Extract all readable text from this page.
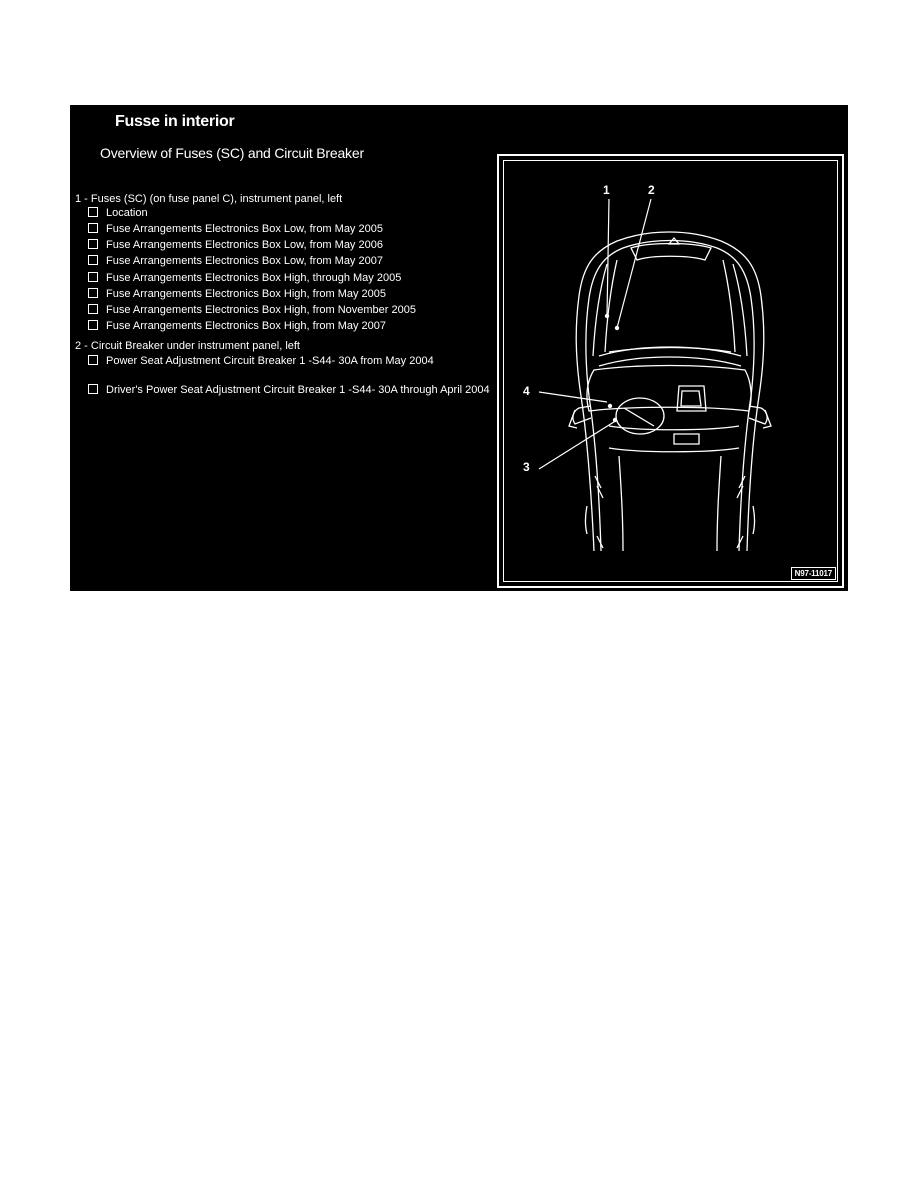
Fusse in interior
Overview of Fuses (SC) and Circuit Breaker
1 - Fuses (SC) (on fuse panel C), instrument panel, left
Location
Fuse Arrangements Electronics Box Low, from May 2005
Fuse Arrangements Electronics Box Low, from May 2006
Fuse Arrangements Electronics Box Low, from May 2007
Fuse Arrangements Electronics Box High, through May 2005
Fuse Arrangements Electronics Box High, from May 2005
Fuse Arrangements Electronics Box High, from November 2005
Fuse Arrangements Electronics Box High, from May 2007
2 - Circuit Breaker under instrument panel, left
Power Seat Adjustment Circuit Breaker 1 -S44- 30A from May 2004
Driver's Power Seat Adjustment Circuit Breaker 1 -S44- 30A through April 2004
1	2
3
4
N97-11017
